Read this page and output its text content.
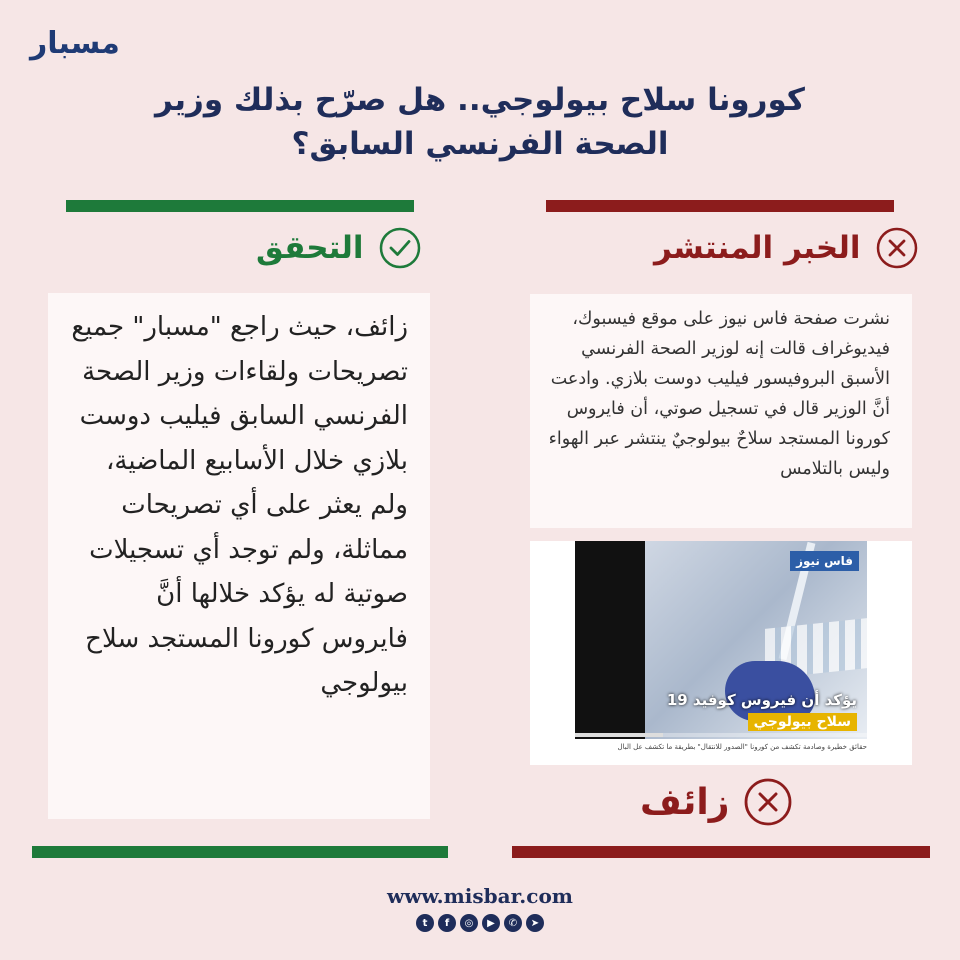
مسبار
كورونا سلاح بيولوجي.. هل صرّح بذلك وزير
الصحة الفرنسي السابق؟
التحقق	الخبر المنتشر
زائف، حيث راجع "مسبار" جميع تصريحات ولقاءات وزير الصحة الفرنسي السابق فيليب دوست بلازي خلال الأسابيع الماضية، ولم يعثر على أي تصريحات مماثلة، ولم توجد أي تسجيلات صوتية له يؤكد خلالها أنَّ فايروس كورونا المستجد سلاح بيولوجي
نشرت صفحة فاس نيوز على موقع فيسبوك، فيديوغراف قالت إنه لوزير الصحة الفرنسي الأسبق البروفيسور فيليب دوست بلازي. وادعت أنَّ الوزير قال في تسجيل صوتي، أن فايروس كورونا المستجد سلاحٌ بيولوجيٌ ينتشر عبر الهواء وليس بالتلامس
فاس نيوز
يؤكد أن فيروس كوفيد 19
سلاح بيولوجي
حقائق خطيرة وصادمة تكشف من كورونا "الصدور للانتقال" بطريقة ما تكشف عل البال
زائف
www.misbar.com
t	f	◎	▶	✆	➤
